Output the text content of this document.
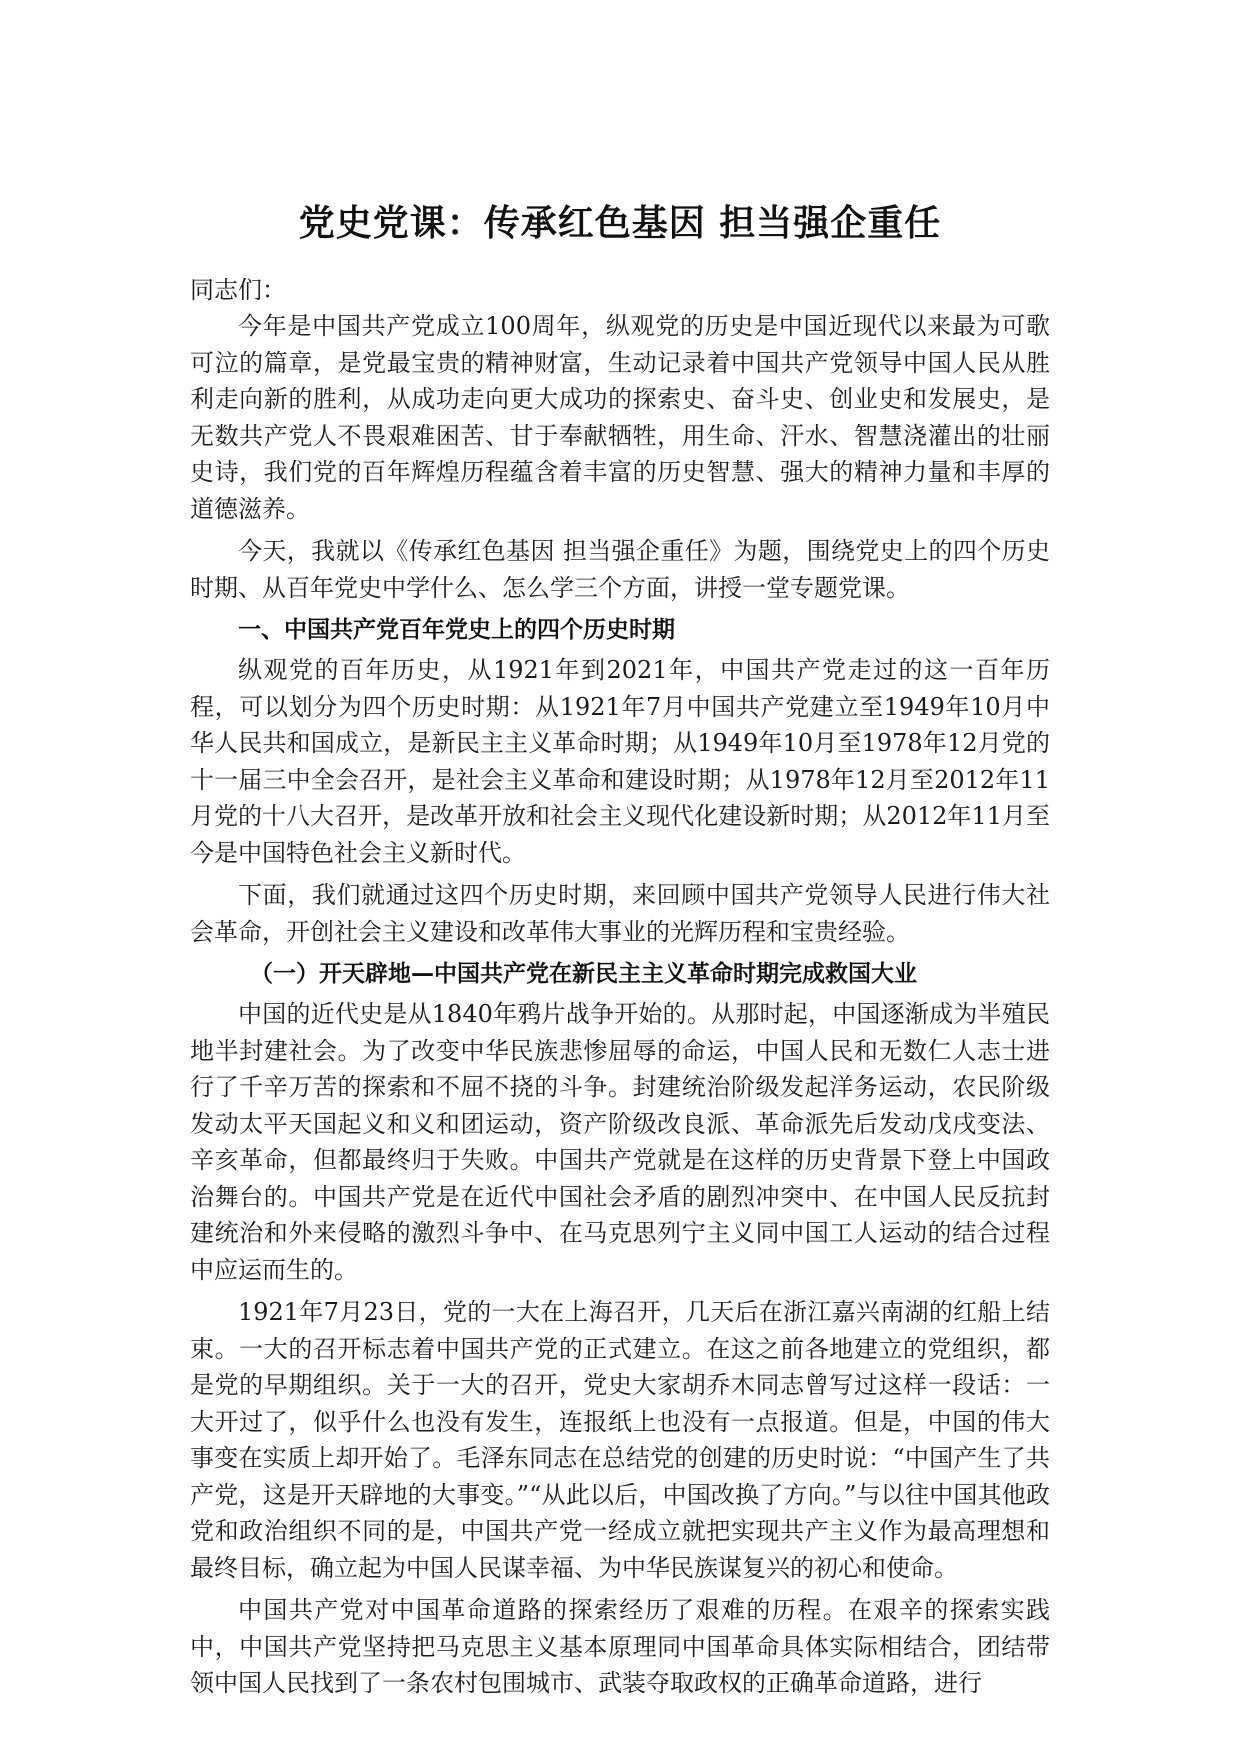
党史党课：传承红色基因 担当强企重任

同志们：

今年是中国共产党成立100周年，纵观党的历史是中国近现代以来最为可歌可泣的篇章，是党最宝贵的精神财富，生动记录着中国共产党领导中国人民从胜利走向新的胜利，从成功走向更大成功的探索史、奋斗史、创业史和发展史，是无数共产党人不畏艰难困苦、甘于奉献牺牲，用生命、汗水、智慧浇灌出的壮丽史诗，我们党的百年辉煌历程蕴含着丰富的历史智慧、强大的精神力量和丰厚的道德滋养。

今天，我就以《传承红色基因 担当强企重任》为题，围绕党史上的四个历史时期、从百年党史中学什么、怎么学三个方面，讲授一堂专题党课。

一、中国共产党百年党史上的四个历史时期

纵观党的百年历史，从1921年到2021年，中国共产党走过的这一百年历程，可以划分为四个历史时期：从1921年7月中国共产党建立至1949年10月中华人民共和国成立，是新民主主义革命时期；从1949年10月至1978年12月党的十一届三中全会召开，是社会主义革命和建设时期；从1978年12月至2012年11月党的十八大召开，是改革开放和社会主义现代化建设新时期；从2012年11月至今是中国特色社会主义新时代。

下面，我们就通过这四个历史时期，来回顾中国共产党领导人民进行伟大社会革命，开创社会主义建设和改革伟大事业的光辉历程和宝贵经验。

（一）开天辟地—中国共产党在新民主主义革命时期完成救国大业

中国的近代史是从1840年鸦片战争开始的。从那时起，中国逐渐成为半殖民地半封建社会。为了改变中华民族悲惨屈辱的命运，中国人民和无数仁人志士进行了千辛万苦的探索和不屈不挠的斗争。封建统治阶级发起洋务运动，农民阶级发动太平天国起义和义和团运动，资产阶级改良派、革命派先后发动戊戌变法、辛亥革命，但都最终归于失败。中国共产党就是在这样的历史背景下登上中国政治舞台的。中国共产党是在近代中国社会矛盾的剧烈冲突中、在中国人民反抗封建统治和外来侵略的激烈斗争中、在马克思列宁主义同中国工人运动的结合过程中应运而生的。

1921年7月23日，党的一大在上海召开，几天后在浙江嘉兴南湖的红船上结束。一大的召开标志着中国共产党的正式建立。在这之前各地建立的党组织，都是党的早期组织。关于一大的召开，党史大家胡乔木同志曾写过这样一段话：一大开过了，似乎什么也没有发生，连报纸上也没有一点报道。但是，中国的伟大事变在实质上却开始了。毛泽东同志在总结党的创建的历史时说：“中国产生了共产党，这是开天辟地的大事变。”“从此以后，中国改换了方向。”与以往中国其他政党和政治组织不同的是，中国共产党一经成立就把实现共产主义作为最高理想和最终目标，确立起为中国人民谋幸福、为中华民族谋复兴的初心和使命。

中国共产党对中国革命道路的探索经历了艰难的历程。在艰辛的探索实践中，中国共产党坚持把马克思主义基本原理同中国革命具体实际相结合，团结带领中国人民找到了一条农村包围城市、武装夺取政权的正确革命道路，进行
